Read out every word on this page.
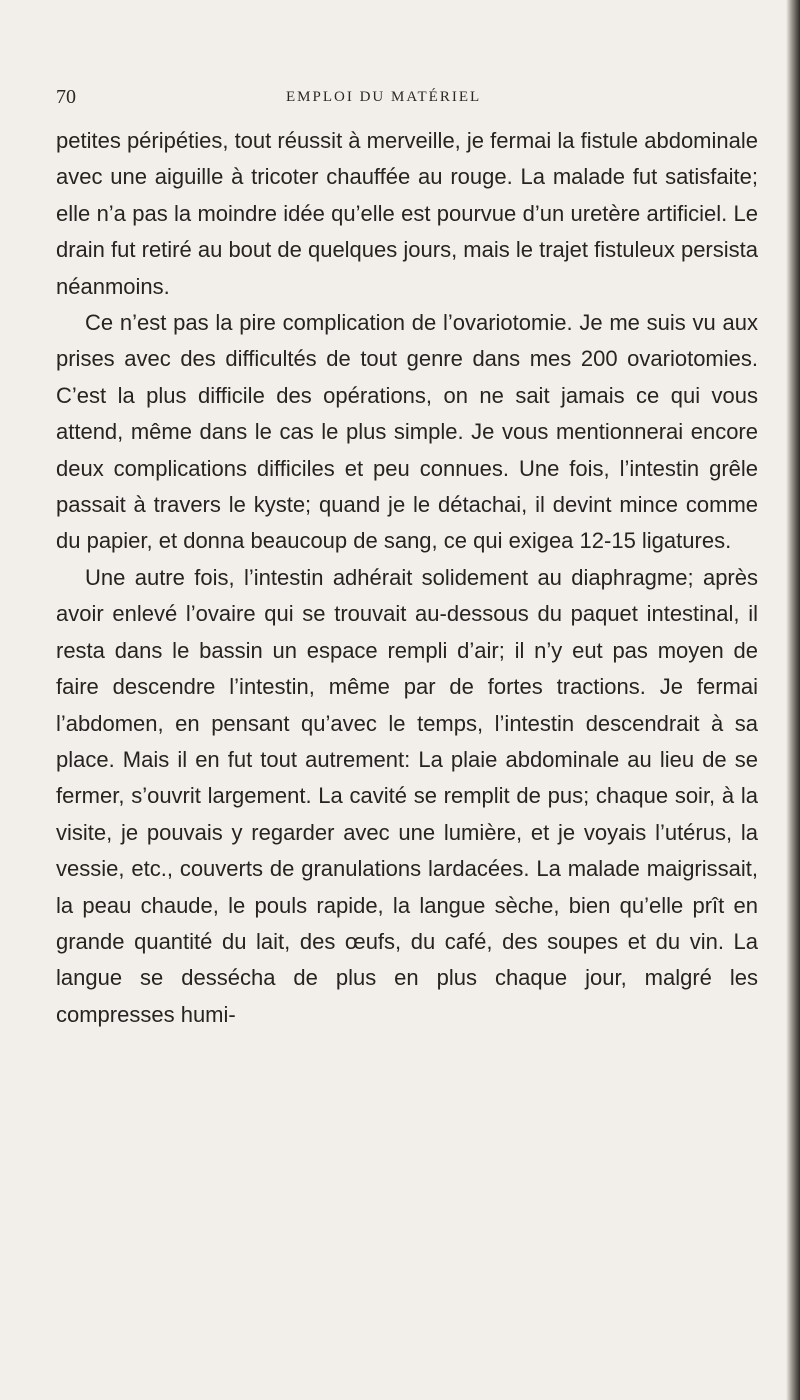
70	EMPLOI DU MATÉRIEL

petites péripéties, tout réussit à merveille, je fermai la fistule abdominale avec une aiguille à tricoter chauffée au rouge. La malade fut satisfaite; elle n’a pas la moindre idée qu’elle est pourvue d’un uretère artificiel. Le drain fut retiré au bout de quelques jours, mais le trajet fistuleux persista néanmoins.

Ce n’est pas la pire complication de l’ovariotomie. Je me suis vu aux prises avec des difficultés de tout genre dans mes 200 ovariotomies. C’est la plus difficile des opérations, on ne sait jamais ce qui vous attend, même dans le cas le plus simple. Je vous mentionnerai encore deux complications difficiles et peu connues. Une fois, l’intestin grêle passait à travers le kyste; quand je le détachai, il devint mince comme du papier, et donna beaucoup de sang, ce qui exigea 12-15 ligatures.

Une autre fois, l’intestin adhérait solidement au diaphragme; après avoir enlevé l’ovaire qui se trouvait au-dessous du paquet intestinal, il resta dans le bassin un espace rempli d’air; il n’y eut pas moyen de faire descendre l’intestin, même par de fortes tractions. Je fermai l’abdomen, en pensant qu’avec le temps, l’intestin descendrait à sa place. Mais il en fut tout autrement: La plaie abdominale au lieu de se fermer, s’ouvrit largement. La cavité se remplit de pus; chaque soir, à la visite, je pouvais y regarder avec une lumière, et je voyais l’utérus, la vessie, etc., couverts de granulations lardacées. La malade maigrissait, la peau chaude, le pouls rapide, la langue sèche, bien qu’elle prît en grande quantité du lait, des œufs, du café, des soupes et du vin. La langue se dessécha de plus en plus chaque jour, malgré les compresses humi-
